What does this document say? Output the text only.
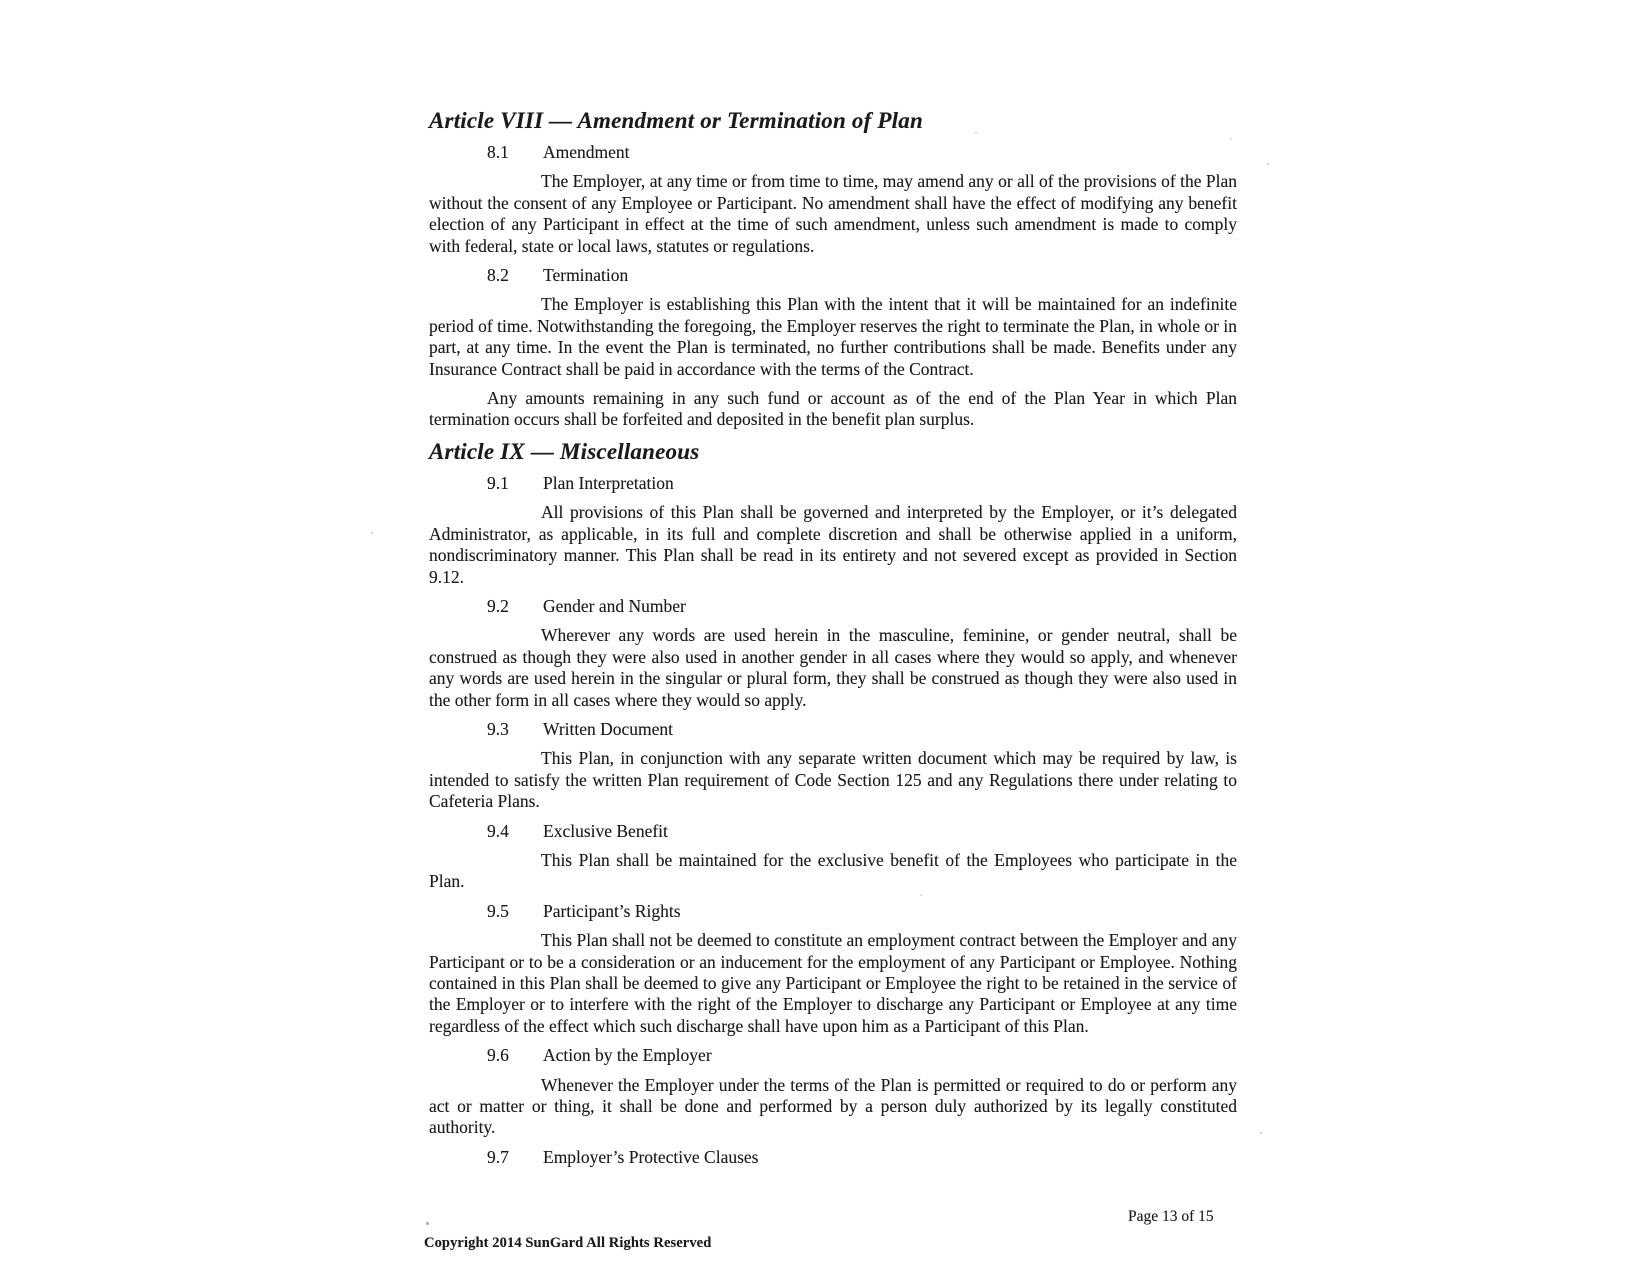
Article VIII — Amendment or Termination of Plan
8.1 Amendment

The Employer, at any time or from time to time, may amend any or all of the provisions of the Plan without the consent of any Employee or Participant. No amendment shall have the effect of modifying any benefit election of any Participant in effect at the time of such amendment, unless such amendment is made to comply with federal, state or local laws, statutes or regulations.

8.2 Termination

The Employer is establishing this Plan with the intent that it will be maintained for an indefinite period of time. Notwithstanding the foregoing, the Employer reserves the right to terminate the Plan, in whole or in part, at any time. In the event the Plan is terminated, no further contributions shall be made. Benefits under any Insurance Contract shall be paid in accordance with the terms of the Contract.

Any amounts remaining in any such fund or account as of the end of the Plan Year in which Plan termination occurs shall be forfeited and deposited in the benefit plan surplus.

Article IX — Miscellaneous
9.1 Plan Interpretation

All provisions of this Plan shall be governed and interpreted by the Employer, or it’s delegated Administrator, as applicable, in its full and complete discretion and shall be otherwise applied in a uniform, nondiscriminatory manner. This Plan shall be read in its entirety and not severed except as provided in Section 9.12.

9.2 Gender and Number

Wherever any words are used herein in the masculine, feminine, or gender neutral, shall be construed as though they were also used in another gender in all cases where they would so apply, and whenever any words are used herein in the singular or plural form, they shall be construed as though they were also used in the other form in all cases where they would so apply.

9.3 Written Document

This Plan, in conjunction with any separate written document which may be required by law, is intended to satisfy the written Plan requirement of Code Section 125 and any Regulations there under relating to Cafeteria Plans.

9.4 Exclusive Benefit

This Plan shall be maintained for the exclusive benefit of the Employees who participate in the Plan.

9.5 Participant’s Rights

This Plan shall not be deemed to constitute an employment contract between the Employer and any Participant or to be a consideration or an inducement for the employment of any Participant or Employee. Nothing contained in this Plan shall be deemed to give any Participant or Employee the right to be retained in the service of the Employer or to interfere with the right of the Employer to discharge any Participant or Employee at any time regardless of the effect which such discharge shall have upon him as a Participant of this Plan.

9.6 Action by the Employer

Whenever the Employer under the terms of the Plan is permitted or required to do or perform any act or matter or thing, it shall be done and performed by a person duly authorized by its legally constituted authority.

9.7 Employer’s Protective Clauses
Page 13 of 15
Copyright 2014 SunGard All Rights Reserved
